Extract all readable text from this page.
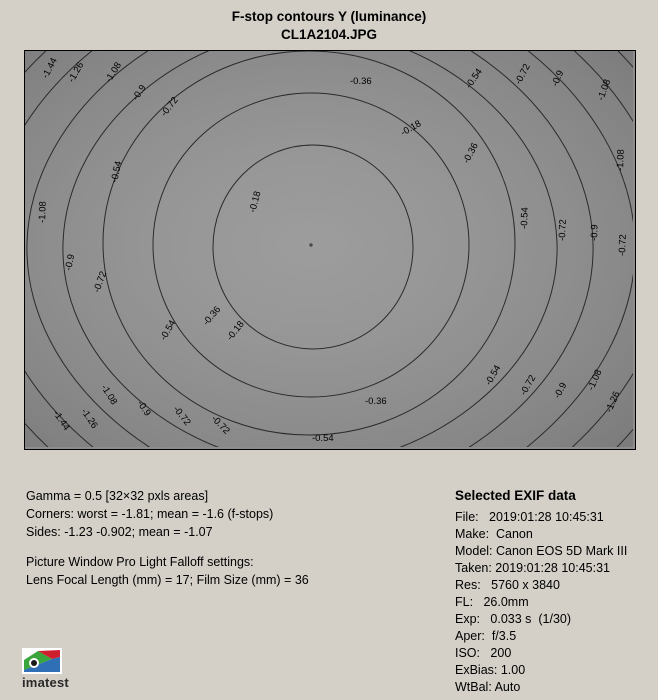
F-stop contours Y (luminance)
CL1A2104.JPG
-0.36	-0.54	-0.72 -0.9	-1.08
-0.18
-0.36
-0.54
-0.72 -0.9
-1.08
-0.72
-0.18
-0.18
-0.36
-0.54
-0.36
-0.54
-0.54 -0.72 -0.9 -1.08
-1.26
-1.44 -1.26 -1.08
-0.9
-0.72
-0.54
-1.08
-0.9
-0.72
-1.44 -1.26
-1.08
-0.9 -0.72 -0.72
Gamma = 0.5 [32×32 pxls areas]
Corners: worst = -1.81; mean = -1.6 (f-stops)
Sides: -1.23 -0.902; mean = -1.07
Picture Window Pro Light Falloff settings:
Lens Focal Length (mm) = 17; Film Size (mm) = 36
Selected EXIF data
File:   2019:01:28 10:45:31
Make:  Canon
Model: Canon EOS 5D Mark III
Taken: 2019:01:28 10:45:31
Res:   5760 x 3840
FL:   26.0mm
Exp:   0.033 s  (1/30)
Aper:  f/3.5
ISO:   200
ExBias: 1.00
WtBal: Auto
imatest
